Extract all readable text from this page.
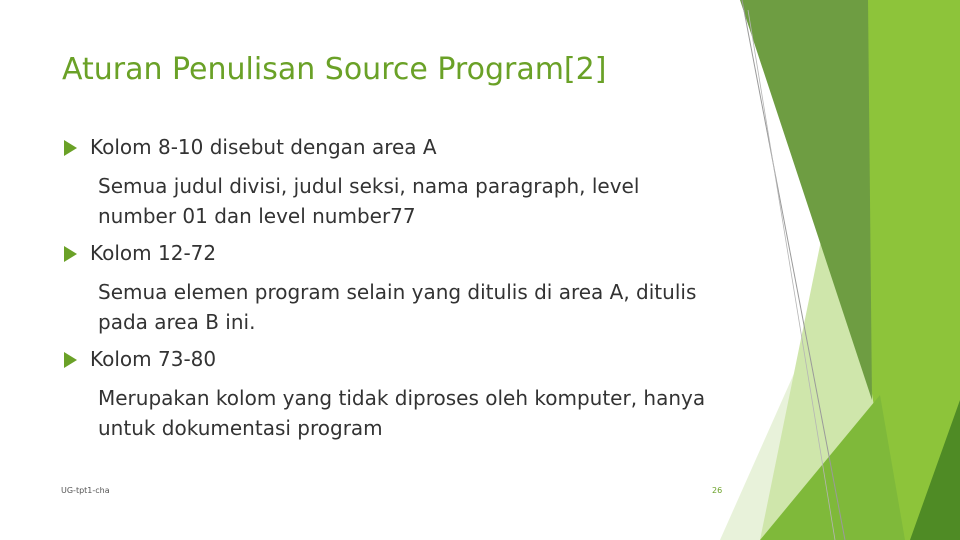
Aturan Penulisan Source Program[2]
Kolom 8-10 disebut dengan area A
Semua judul divisi, judul seksi, nama paragraph, level number 01 dan level number77
Kolom 12-72
Semua elemen program selain yang ditulis di area A, ditulis pada area B ini.
Kolom 73-80
Merupakan kolom yang tidak diproses oleh komputer, hanya untuk dokumentasi program
UG-tpt1-cha	26
